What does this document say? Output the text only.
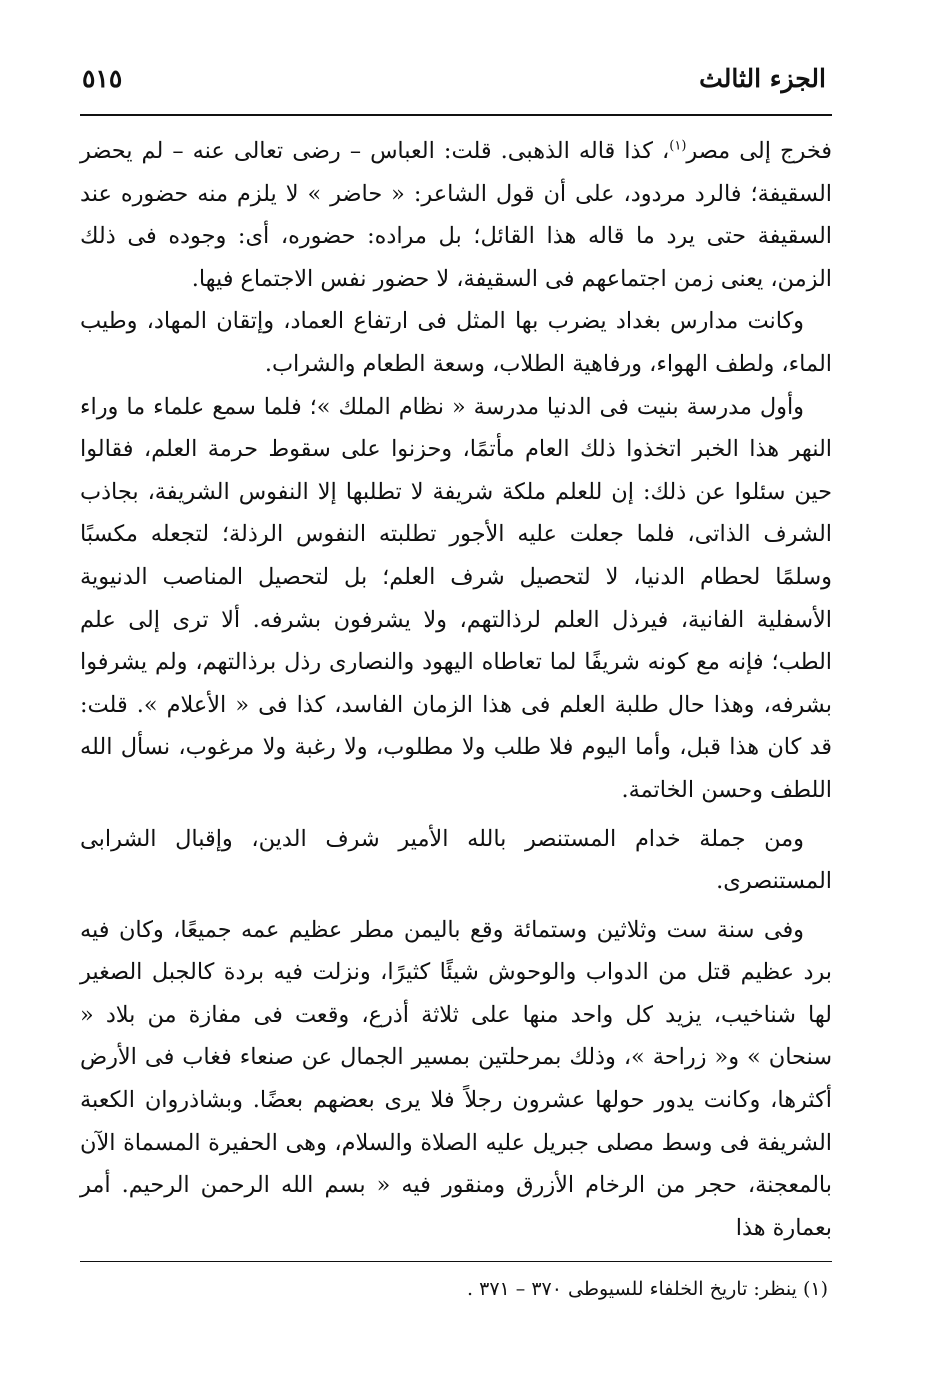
الجزء الثالث
٥١٥

فخرج إلى مصر$^{(١)}$، كذا قاله الذهبى. قلت: العباس – رضى تعالى عنه – لم يحضر السقيفة؛ فالرد مردود، على أن قول الشاعر: « حاضر » لا يلزم منه حضوره عند السقيفة حتى يرد ما قاله هذا القائل؛ بل مراده: حضوره، أى: وجوده فى ذلك الزمن، يعنى زمن اجتماعهم فى السقيفة، لا حضور نفس الاجتماع فيها.

وكانت مدارس بغداد يضرب بها المثل فى ارتفاع العماد، وإتقان المهاد، وطيب الماء، ولطف الهواء، ورفاهية الطلاب، وسعة الطعام والشراب.

وأول مدرسة بنيت فى الدنيا مدرسة « نظام الملك »؛ فلما سمع علماء ما وراء النهر هذا الخبر اتخذوا ذلك العام مأتمًا، وحزنوا على سقوط حرمة العلم، فقالوا حين سئلوا عن ذلك: إن للعلم ملكة شريفة لا تطلبها إلا النفوس الشريفة، بجاذب الشرف الذاتى، فلما جعلت عليه الأجور تطلبته النفوس الرذلة؛ لتجعله مكسبًا وسلمًا لحطام الدنيا، لا لتحصيل شرف العلم؛ بل لتحصيل المناصب الدنيوية الأسفلية الفانية، فيرذل العلم لرذالتهم، ولا يشرفون بشرفه. ألا ترى إلى علم الطب؛ فإنه مع كونه شريفًا لما تعاطاه اليهود والنصارى رذل برذالتهم، ولم يشرفوا بشرفه، وهذا حال طلبة العلم فى هذا الزمان الفاسد، كذا فى « الأعلام ». قلت: قد كان هذا قبل، وأما اليوم فلا طلب ولا مطلوب، ولا رغبة ولا مرغوب، نسأل الله اللطف وحسن الخاتمة.

ومن جملة خدام المستنصر بالله الأمير شرف الدين، وإقبال الشرابى المستنصرى.

وفى سنة ست وثلاثين وستمائة وقع باليمن مطر عظيم عمه جميعًا، وكان فيه برد عظيم قتل من الدواب والوحوش شيئًا كثيرًا، ونزلت فيه بردة كالجبل الصغير لها شناخيب، يزيد كل واحد منها على ثلاثة أذرع، وقعت فى مفازة من بلاد « سنحان » و« زراحة »، وذلك بمرحلتين بمسير الجمال عن صنعاء فغاب فى الأرض أكثرها، وكانت يدور حولها عشرون رجلاً فلا يرى بعضهم بعضًا. وبشاذروان الكعبة الشريفة فى وسط مصلى جبريل عليه الصلاة والسلام، وهى الحفيرة المسماة الآن بالمعجنة، حجر من الرخام الأزرق ومنقور فيه « بسم الله الرحمن الرحيم. أمر بعمارة هذا

(١) ينظر: تاريخ الخلفاء للسيوطى ٣٧٠ – ٣٧١ .
